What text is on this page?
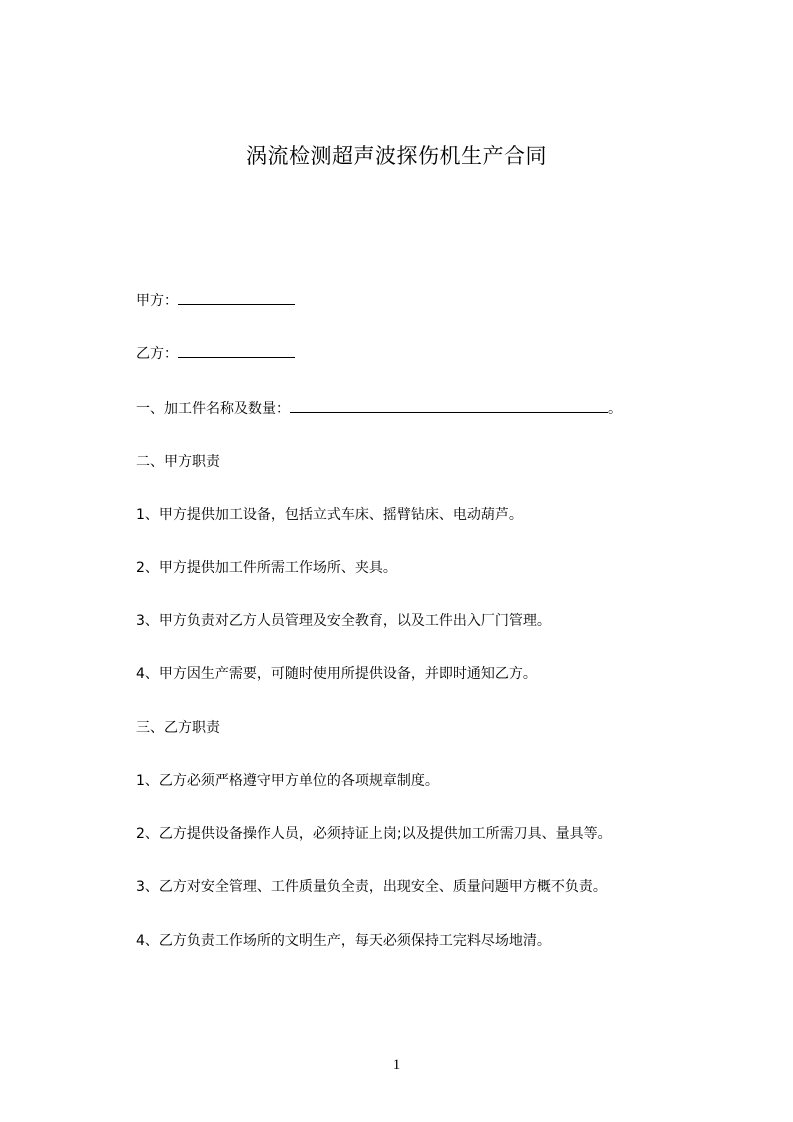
涡流检测超声波探伤机生产合同
甲方：
乙方：
一、加工件名称及数量：	。
二、甲方职责
1、甲方提供加工设备，包括立式车床、摇臂钻床、电动葫芦。
2、甲方提供加工件所需工作场所、夹具。
3、甲方负责对乙方人员管理及安全教育，以及工件出入厂门管理。
4、甲方因生产需要，可随时使用所提供设备，并即时通知乙方。
三、乙方职责
1、乙方必须严格遵守甲方单位的各项规章制度。
2、乙方提供设备操作人员，必须持证上岗;以及提供加工所需刀具、量具等。
3、乙方对安全管理、工件质量负全责，出现安全、质量问题甲方概不负责。
4、乙方负责工作场所的文明生产，每天必须保持工完料尽场地清。
1
